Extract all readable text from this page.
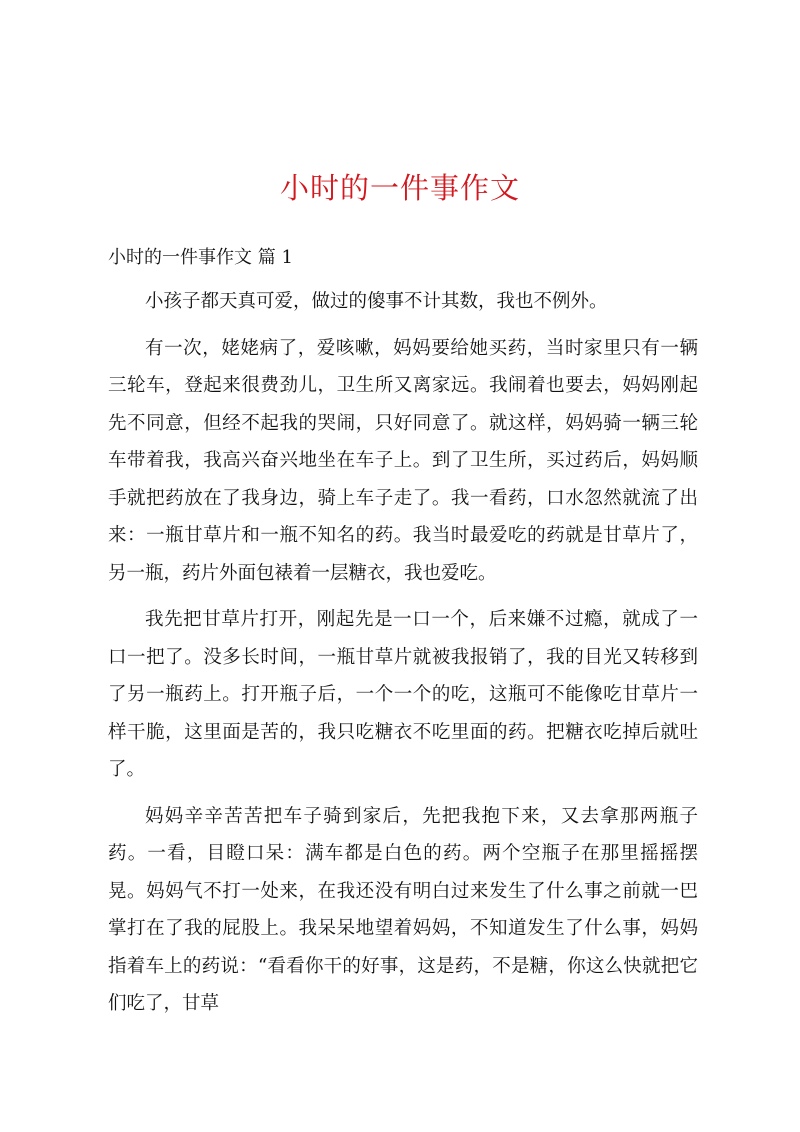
小时的一件事作文
小时的一件事作文 篇 1

小孩子都天真可爱，做过的傻事不计其数，我也不例外。

有一次，姥姥病了，爱咳嗽，妈妈要给她买药，当时家里只有一辆三轮车，登起来很费劲儿，卫生所又离家远。我闹着也要去，妈妈刚起先不同意，但经不起我的哭闹，只好同意了。就这样，妈妈骑一辆三轮车带着我，我高兴奋兴地坐在车子上。到了卫生所，买过药后，妈妈顺手就把药放在了我身边，骑上车子走了。我一看药，口水忽然就流了出来：一瓶甘草片和一瓶不知名的药。我当时最爱吃的药就是甘草片了，另一瓶，药片外面包裱着一层糖衣，我也爱吃。

我先把甘草片打开，刚起先是一口一个，后来嫌不过瘾，就成了一口一把了。没多长时间，一瓶甘草片就被我报销了，我的目光又转移到了另一瓶药上。打开瓶子后，一个一个的吃，这瓶可不能像吃甘草片一样干脆，这里面是苦的，我只吃糖衣不吃里面的药。把糖衣吃掉后就吐了。

妈妈辛辛苦苦把车子骑到家后，先把我抱下来，又去拿那两瓶子药。一看，目瞪口呆：满车都是白色的药。两个空瓶子在那里摇摇摆晃。妈妈气不打一处来，在我还没有明白过来发生了什么事之前就一巴掌打在了我的屁股上。我呆呆地望着妈妈，不知道发生了什么事，妈妈指着车上的药说：“看看你干的好事，这是药，不是糖，你这么快就把它们吃了，甘草
